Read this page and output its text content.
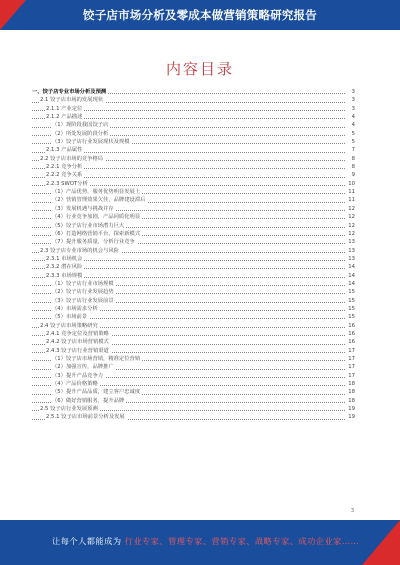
饺子店市场分析及零成本做营销策略研究报告
内容目录
一、饺子店专业市场分析及预测	3
2.1 饺子店市场的发展现状	3
2.1.1 产业定位	3
2.1.2 产品描述	4
（1）现阶段我国饺子店	4
（2）所处发展阶段分析	5
（3）饺子店行业发展现状及规模	5
2.1.3 产品属性	7
2.2 饺子店市场的竞争格局	8
2.2.1 竞争分析	8
2.2.2 竞争关系	9
2.2.3 SWOT分析	10
（1）产品优势，服务优势明显发展上	11
（2）营销管理效果欠佳，品牌建设滞后	11
（3）发展机遇与挑战并存	12
（4）行业竞争加剧，产品同质化明显	12
（5）饺子店行业市场潜力巨大	12
（6）打造网络营销平台，探索新模式	12
（7）提升服务质量，分析行业竞争	13
2.3 饺子店专业市场的机会与风险	13
2.3.1 市场机会	13
2.3.2 潜在风险	14
2.3.3 市场规模	14
（1）饺子店行业市场规模	14
（2）饺子店行业发展趋势	15
（3）饺子店行业发展前景	15
（4）市场需求分析	15
（5）市场前景	15
2.4 饺子店市场策略研究	16
2.4.1 竞争定位及营销策略	16
2.4.2 饺子店市场营销模式	16
2.4.3 饺子店行业营销渠道	17
（1）饺子店市场营销，精准定位营销	17
（2）加强宣传，品牌推广	17
（3）提升产品竞争力	17
（4）产品价格策略	18
（5）提升产品品质，建立客户忠诚度	18
（6）做好营销服务，提升品牌	18
2.5 饺子店行业发展预测	19
2.5.1 饺子店市场前景分析及发展	19
3
让每个人都能成为 行业专家、管理专家、营销专家、战略专家、成功企业家……
